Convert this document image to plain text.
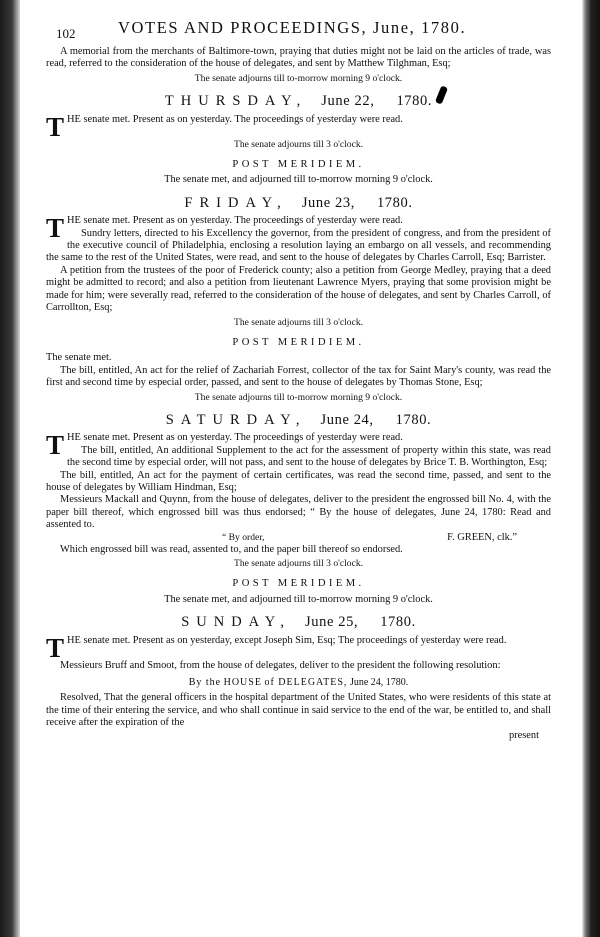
102	VOTES AND PROCEEDINGS, June, 1780.

A memorial from the merchants of Baltimore-town, praying that duties might not be laid on the articles of trade, was read, referred to the consideration of the house of delegates, and sent by Matthew Tilghman, Esq;

The senate adjourns till to-morrow morning 9 o'clock.

THURSDAY, June 22, 1780.

THE senate met. Present as on yesterday. The proceedings of yesterday were read.

The senate adjourns till 3 o'clock.

POST MERIDIEM.

The senate met, and adjourned till to-morrow morning 9 o'clock.

FRIDAY, June 23, 1780.

THE senate met. Present as on yesterday. The proceedings of yesterday were read.

Sundry letters, directed to his Excellency the governor, from the president of congress, and from the president of the executive council of Philadelphia, enclosing a resolution laying an embargo on all vessels, and recommending the same to the rest of the United States, were read, and sent to the house of delegates by Charles Carroll, Esq; Barrister.

A petition from the trustees of the poor of Frederick county; also a petition from George Medley, praying that a deed might be admitted to record; and also a petition from lieutenant Lawrence Myers, praying that some provision might be made for him; were severally read, referred to the consideration of the house of delegates, and sent by Charles Carroll, of Carrollton, Esq;

The senate adjourns till 3 o'clock.

POST MERIDIEM.

The senate met.

The bill, entitled, An act for the relief of Zachariah Forrest, collector of the tax for Saint Mary's county, was read the first and second time by especial order, passed, and sent to the house of delegates by Thomas Stone, Esq;

The senate adjourns till to-morrow morning 9 o'clock.

SATURDAY, June 24, 1780.

THE senate met. Present as on yesterday. The proceedings of yesterday were read.

The bill, entitled, An additional Supplement to the act for the assessment of property within this state, was read the second time by especial order, will not pass, and sent to the house of delegates by Brice T. B. Worthington, Esq;

The bill, entitled, An act for the payment of certain certificates, was read the second time, passed, and sent to the house of delegates by William Hindman, Esq;

Messieurs Mackall and Quynn, from the house of delegates, deliver to the president the engrossed bill No. 4, with the paper bill thereof, which engrossed bill was thus endorsed; “ By the house of delegates, June 24, 1780: Read and assented to.

“ By order,	F. GREEN, clk.”

Which engrossed bill was read, assented to, and the paper bill thereof so endorsed.

The senate adjourns till 3 o'clock.

POST MERIDIEM.

The senate met, and adjourned till to-morrow morning 9 o'clock.

SUNDAY, June 25, 1780.

THE senate met. Present as on yesterday, except Joseph Sim, Esq; The proceedings of yesterday were read.

Messieurs Bruff and Smoot, from the house of delegates, deliver to the president the following resolution:

By the HOUSE of DELEGATES, June 24, 1780.

Resolved, That the general officers in the hospital department of the United States, who were residents of this state at the time of their entering the service, and who shall continue in said service to the end of the war, be entitled to, and shall receive after the expiration of the

present
